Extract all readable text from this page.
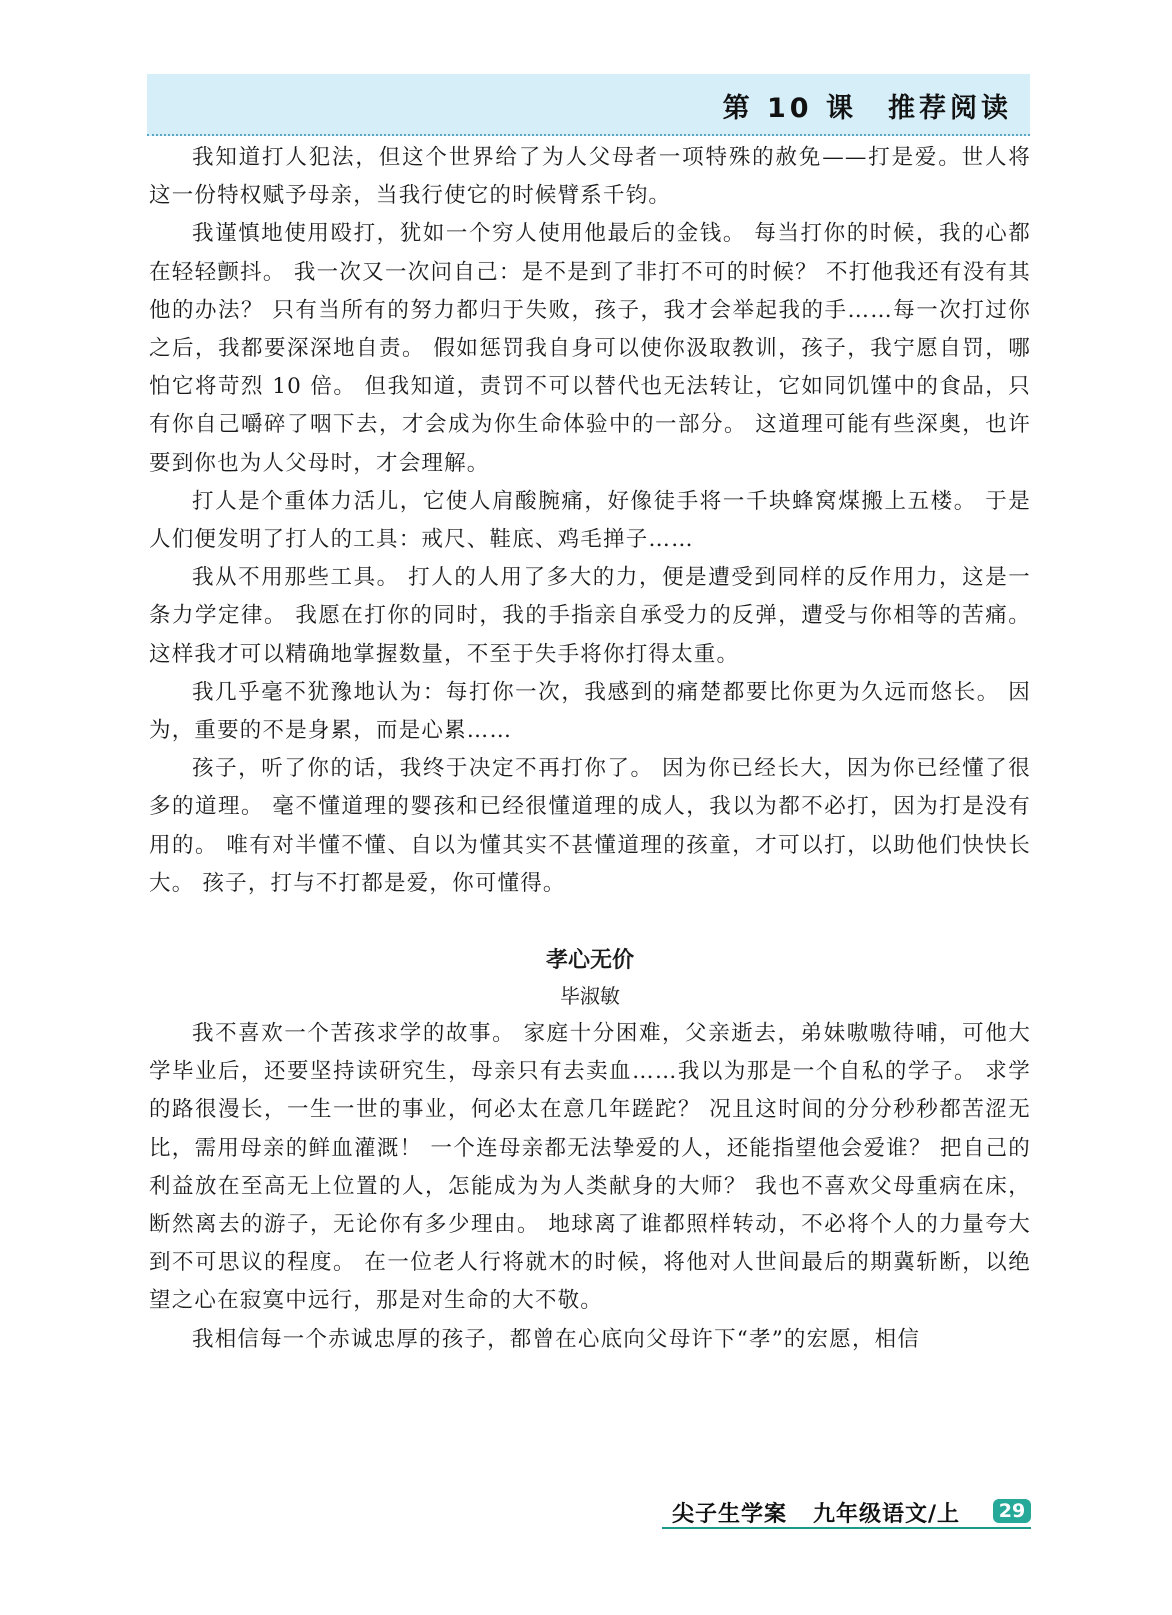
第 10 课　推荐阅读

我知道打人犯法，但这个世界给了为人父母者一项特殊的赦免——打是爱。世人将这一份特权赋予母亲，当我行使它的时候臂系千钧。

我谨慎地使用殴打，犹如一个穷人使用他最后的金钱。 每当打你的时候，我的心都在轻轻颤抖。 我一次又一次问自己：是不是到了非打不可的时候？ 不打他我还有没有其他的办法？ 只有当所有的努力都归于失败，孩子，我才会举起我的手……每一次打过你之后，我都要深深地自责。 假如惩罚我自身可以使你汲取教训，孩子，我宁愿自罚，哪怕它将苛烈 10 倍。 但我知道，责罚不可以替代也无法转让，它如同饥馑中的食品，只有你自己嚼碎了咽下去，才会成为你生命体验中的一部分。 这道理可能有些深奥，也许要到你也为人父母时，才会理解。

打人是个重体力活儿，它使人肩酸腕痛，好像徒手将一千块蜂窝煤搬上五楼。 于是人们便发明了打人的工具：戒尺、鞋底、鸡毛掸子……

我从不用那些工具。 打人的人用了多大的力，便是遭受到同样的反作用力，这是一条力学定律。 我愿在打你的同时，我的手指亲自承受力的反弹，遭受与你相等的苦痛。 这样我才可以精确地掌握数量，不至于失手将你打得太重。

我几乎毫不犹豫地认为：每打你一次，我感到的痛楚都要比你更为久远而悠长。 因为，重要的不是身累，而是心累……

孩子，听了你的话，我终于决定不再打你了。 因为你已经长大，因为你已经懂了很多的道理。 毫不懂道理的婴孩和已经很懂道理的成人，我以为都不必打，因为打是没有用的。 唯有对半懂不懂、自以为懂其实不甚懂道理的孩童，才可以打，以助他们快快长大。 孩子，打与不打都是爱，你可懂得。

孝心无价
毕淑敏

我不喜欢一个苦孩求学的故事。 家庭十分困难，父亲逝去，弟妹嗷嗷待哺，可他大学毕业后，还要坚持读研究生，母亲只有去卖血……我以为那是一个自私的学子。 求学的路很漫长，一生一世的事业，何必太在意几年蹉跎？ 况且这时间的分分秒秒都苦涩无比，需用母亲的鲜血灌溉！ 一个连母亲都无法挚爱的人，还能指望他会爱谁？ 把自己的利益放在至高无上位置的人，怎能成为为人类献身的大师？ 我也不喜欢父母重病在床，断然离去的游子，无论你有多少理由。 地球离了谁都照样转动，不必将个人的力量夸大到不可思议的程度。 在一位老人行将就木的时候，将他对人世间最后的期冀斩断，以绝望之心在寂寞中远行，那是对生命的大不敬。

我相信每一个赤诚忠厚的孩子，都曾在心底向父母许下“孝”的宏愿，相信

尖子生学案 九年级语文/上	29
